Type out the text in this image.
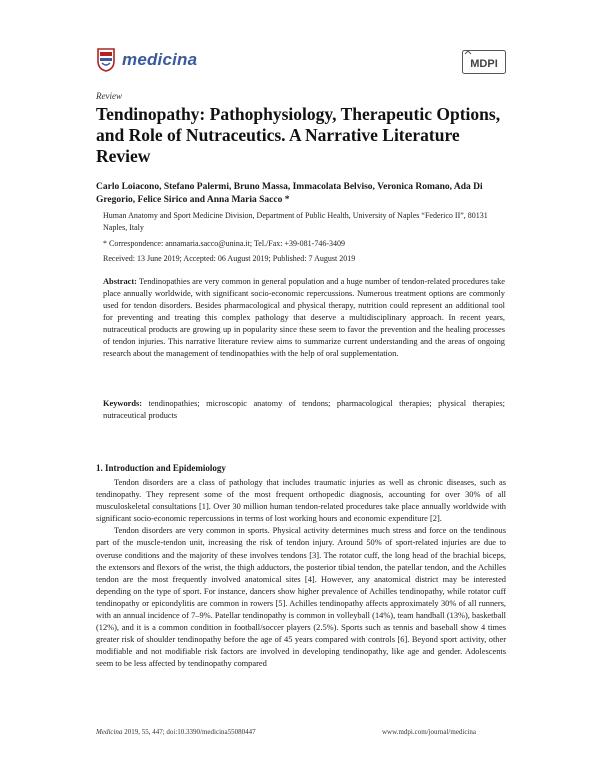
medicina	MDPI
Review
Tendinopathy: Pathophysiology, Therapeutic Options, and Role of Nutraceutics. A Narrative Literature Review
Carlo Loiacono, Stefano Palermi, Bruno Massa, Immacolata Belviso, Veronica Romano, Ada Di Gregorio, Felice Sirico and Anna Maria Sacco *
Human Anatomy and Sport Medicine Division, Department of Public Health, University of Naples “Federico II”, 80131 Naples, Italy
* Correspondence: annamaria.sacco@unina.it; Tel./Fax: +39-081-746-3409
Received: 13 June 2019; Accepted: 06 August 2019; Published: 7 August 2019
Abstract: Tendinopathies are very common in general population and a huge number of tendon-related procedures take place annually worldwide, with significant socio-economic repercussions. Numerous treatment options are commonly used for tendon disorders. Besides pharmacological and physical therapy, nutrition could represent an additional tool for preventing and treating this complex pathology that deserve a multidisciplinary approach. In recent years, nutraceutical products are growing up in popularity since these seem to favor the prevention and the healing processes of tendon injuries. This narrative literature review aims to summarize current understanding and the areas of ongoing research about the management of tendinopathies with the help of oral supplementation.
Keywords: tendinopathies; microscopic anatomy of tendons; pharmacological therapies; physical therapies; nutraceutical products
1. Introduction and Epidemiology

Tendon disorders are a class of pathology that includes traumatic injuries as well as chronic diseases, such as tendinopathy. They represent some of the most frequent orthopedic diagnosis, accounting for over 30% of all musculoskeletal consultations [1]. Over 30 million human tendon-related procedures take place annually worldwide with significant socio-economic repercussions in terms of lost working hours and economic expenditure [2].

Tendon disorders are very common in sports. Physical activity determines much stress and force on the tendinous part of the muscle-tendon unit, increasing the risk of tendon injury. Around 50% of sport-related injuries are due to overuse conditions and the majority of these involves tendons [3]. The rotator cuff, the long head of the brachial biceps, the extensors and flexors of the wrist, the thigh adductors, the posterior tibial tendon, the patellar tendon, and the Achilles tendon are the most frequently involved anatomical sites [4]. However, any anatomical district may be interested depending on the type of sport. For instance, dancers show higher prevalence of Achilles tendinopathy, while rotator cuff tendinopathy or epicondylitis are common in rowers [5]. Achilles tendinopathy affects approximately 30% of all runners, with an annual incidence of 7–9%. Patellar tendinopathy is common in volleyball (14%), team handball (13%), basketball (12%), and it is a common condition in football/soccer players (2.5%). Sports such as tennis and baseball show 4 times greater risk of shoulder tendinopathy before the age of 45 years compared with controls [6]. Beyond sport activity, other modifiable and not modifiable risk factors are involved in developing tendinopathy, like age and gender. Adolescents seem to be less affected by tendinopathy compared

Medicina 2019, 55, 447; doi:10.3390/medicina55080447	www.mdpi.com/journal/medicina
